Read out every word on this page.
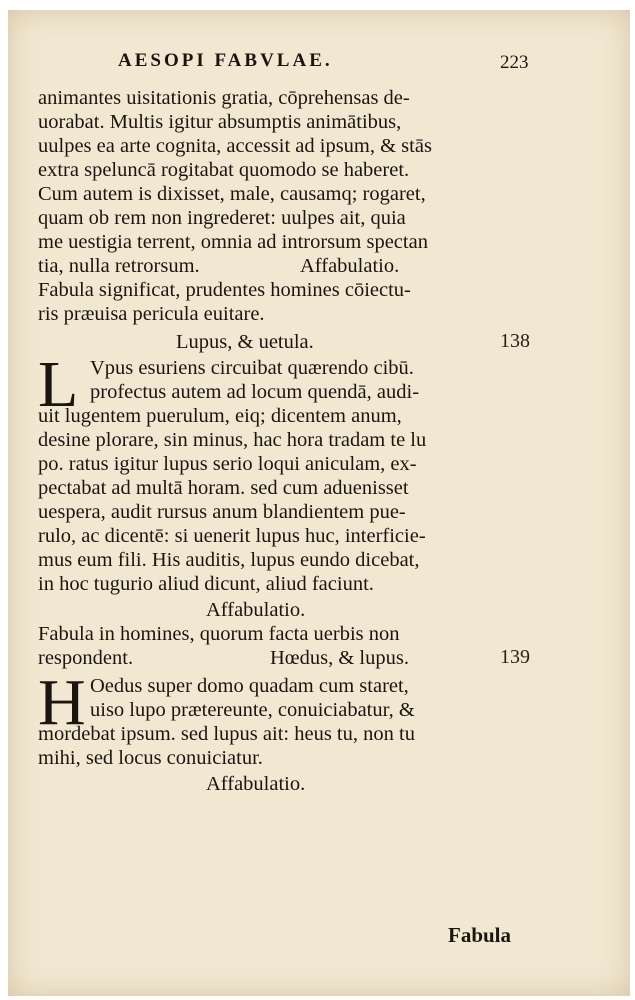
AESOPI FABVLAE.	223
animantes uisitationis gratia, cōprehensas de-
uorabat. Multis igitur absumptis animātibus,
uulpes ea arte cognita, accessit ad ipsum, & stās
extra speluncā rogitabat quomodo se haberet.
Cum autem is dixisset, male, causamq; rogaret,
quam ob rem non ingrederet: uulpes ait, quia
me uestigia terrent, omnia ad introrsum spectan
tia, nulla retrorsum.	Affabulatio.
Fabula significat, prudentes homines cōiectu-
ris præuisa pericula euitare.
Lupus, & uetula.	138
L Vpus esuriens circuibat quærendo cibū.
profectus autem ad locum quendā, audi-
uit lugentem puerulum, eiq; dicentem anum,
desine plorare, sin minus, hac hora tradam te lu
po. ratus igitur lupus serio loqui aniculam, ex-
pectabat ad multā horam. sed cum aduenisset
uespera, audit rursus anum blandientem pue-
rulo, ac dicentē: si uenerit lupus huc, interficie-
mus eum fili. His auditis, lupus eundo dicebat,
in hoc tugurio aliud dicunt, aliud faciunt.
Affabulatio.
Fabula in homines, quorum facta uerbis non
respondent.	Hœdus, & lupus.	139
H Oedus super domo quadam cum staret,
uiso lupo prætereunte, conuiciabatur, &
mordebat ipsum. sed lupus ait: heus tu, non tu
mihi, sed locus conuiciatur.
Affabulatio.
Fabula
